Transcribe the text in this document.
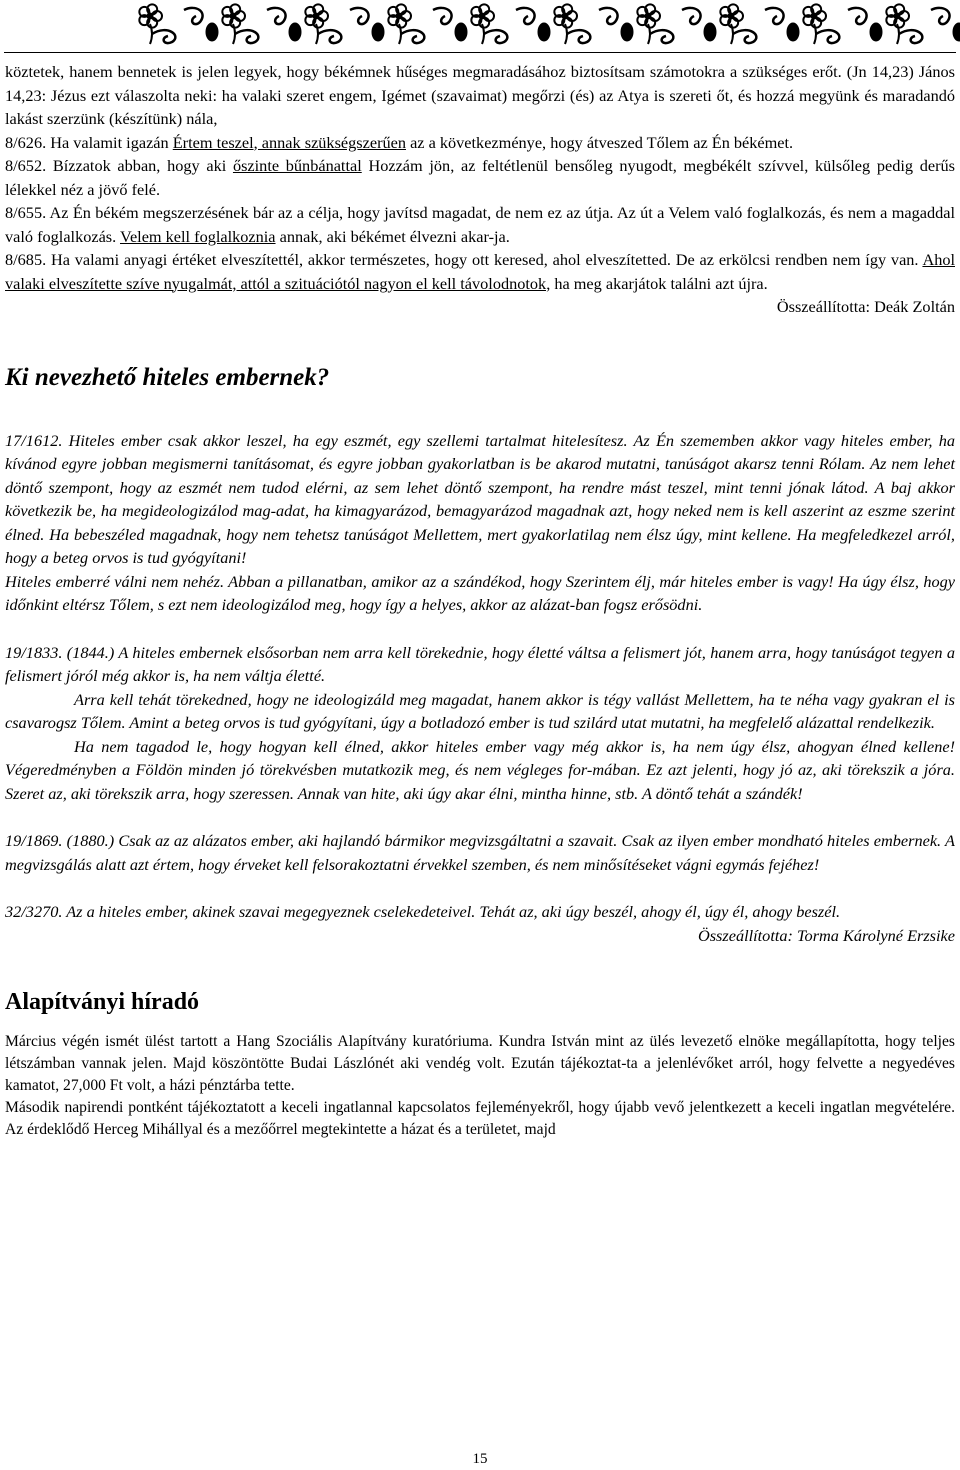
köztetek, hanem bennetek is jelen legyek, hogy békémnek hűséges megmaradásához biztosítsam számotokra a szükséges erőt. (Jn 14,23) János 14,23: Jézus ezt válaszolta neki: ha valaki szeret engem, Igémet (szavaimat) megőrzi (és) az Atya is szereti őt, és hozzá megyünk és maradandó lakást szerzünk (készítünk) nála,

8/626. Ha valamit igazán Értem teszel, annak szükségszerűen az a következménye, hogy átveszed Tőlem az Én békémet.

8/652. Bízzatok abban, hogy aki őszinte bűnbánattal Hozzám jön, az feltétlenül bensőleg nyugodt, megbékélt szívvel, külsőleg pedig derűs lélekkel néz a jövő felé.

8/655. Az Én békém megszerzésének bár az a célja, hogy javítsd magadat, de nem ez az útja. Az út a Velem való foglalkozás, és nem a magaddal való foglalkozás. Velem kell foglalkoznia annak, aki békémet élvezni akar-ja.

8/685. Ha valami anyagi értéket elveszítettél, akkor természetes, hogy ott keresed, ahol elveszítetted. De az erkölcsi rendben nem így van. Ahol valaki elveszítette szíve nyugalmát, attól a szituációtól nagyon el kell távolodnotok, ha meg akarjátok találni azt újra.

Összeállította: Deák Zoltán

Ki nevezhető hiteles embernek?

17/1612. Hiteles ember csak akkor leszel, ha egy eszmét, egy szellemi tartalmat hitelesítesz. Az Én szememben akkor vagy hiteles ember, ha kívánod egyre jobban megismerni tanításomat, és egyre jobban gyakorlatban is be akarod mutatni, tanúságot akarsz tenni Rólam. Az nem lehet döntő szempont, hogy az eszmét nem tudod elérni, az sem lehet döntő szempont, ha rendre mást teszel, mint tenni jónak látod. A baj akkor következik be, ha megideologizálod mag-adat, ha kimagyarázod, bemagyarázod magadnak azt, hogy neked nem is kell aszerint az eszme szerint élned. Ha bebeszéled magadnak, hogy nem tehetsz tanúságot Mellettem, mert gyakorlatilag nem élsz úgy, mint kellene. Ha megfeledkezel arról, hogy a beteg orvos is tud gyógyítani!

Hiteles emberré válni nem nehéz. Abban a pillanatban, amikor az a szándékod, hogy Szerintem élj, már hiteles ember is vagy! Ha úgy élsz, hogy időnkint eltérsz Tőlem, s ezt nem ideologizálod meg, hogy így a helyes, akkor az alázat-ban fogsz erősödni.

19/1833. (1844.) A hiteles embernek elsősorban nem arra kell törekednie, hogy életté váltsa a felismert jót, hanem arra, hogy tanúságot tegyen a felismert jóról még akkor is, ha nem váltja életté.

Arra kell tehát törekedned, hogy ne ideologizáld meg magadat, hanem akkor is tégy vallást Mellettem, ha te néha vagy gyakran el is csavarogsz Tőlem. Amint a beteg orvos is tud gyógyítani, úgy a botladozó ember is tud szilárd utat mutatni, ha megfelelő alázattal rendelkezik.

Ha nem tagadod le, hogy hogyan kell élned, akkor hiteles ember vagy még akkor is, ha nem úgy élsz, ahogyan élned kellene! Végeredményben a Földön minden jó törekvésben mutatkozik meg, és nem végleges for-mában. Ez azt jelenti, hogy jó az, aki törekszik a jóra. Szeret az, aki törekszik arra, hogy szeressen. Annak van hite, aki úgy akar élni, mintha hinne, stb. A döntő tehát a szándék!

19/1869. (1880.) Csak az az alázatos ember, aki hajlandó bármikor megvizsgáltatni a szavait. Csak az ilyen ember mondható hiteles embernek. A megvizsgálás alatt azt értem, hogy érveket kell felsorakoztatni érvekkel szemben, és nem minősítéseket vágni egymás fejéhez!

32/3270. Az a hiteles ember, akinek szavai megegyeznek cselekedeteivel. Tehát az, aki úgy beszél, ahogy él, úgy él, ahogy beszél.

Összeállította: Torma Károlyné Erzsike

Alapítványi híradó

Március végén ismét ülést tartott a Hang Szociális Alapítvány kuratóriuma. Kundra István mint az ülés levezető elnöke megállapította, hogy teljes létszámban vannak jelen. Majd köszöntötte Budai Lászlónét aki vendég volt. Ezután tájékoztat-ta a jelenlévőket arról, hogy felvette a negyedéves kamatot, 27,000 Ft volt, a házi pénztárba tette.

Második napirendi pontként tájékoztatott a keceli ingatlannal kapcsolatos fejleményekről, hogy újabb vevő jelentkezett a keceli ingatlan megvételére. Az érdeklődő Herceg Mihállyal és a mezőőrrel megtekintette a házat és a területet, majd

15
